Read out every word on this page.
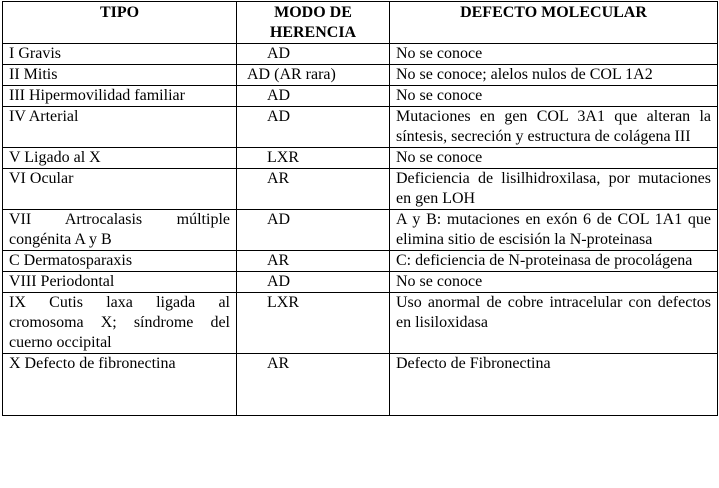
TIPO	MODO DE HERENCIA	DEFECTO MOLECULAR
I Gravis	AD	No se conoce
II Mitis	AD (AR rara)	No se conoce; alelos nulos de COL 1A2
III Hipermovilidad familiar	AD	No se conoce
IV Arterial	AD	Mutaciones en gen COL 3A1 que alteran la síntesis, secreción y estructura de colágena III
V Ligado al X	LXR	No se conoce
VI Ocular	AR	Deficiencia de lisilhidroxilasa, por mutaciones en gen LOH
VII Artrocalasis múltiple congénita A y B	AD	A y B: mutaciones en exón 6 de COL 1A1 que elimina sitio de escisión la N-proteinasa
C Dermatosparaxis	AR	C: deficiencia de N-proteinasa de procolágena
VIII Periodontal	AD	No se conoce
IX Cutis laxa ligada al cromosoma X; síndrome del cuerno occipital	LXR	Uso anormal de cobre intracelular con defectos en lisiloxidasa
X Defecto de fibronectina	AR	Defecto de Fibronectina
